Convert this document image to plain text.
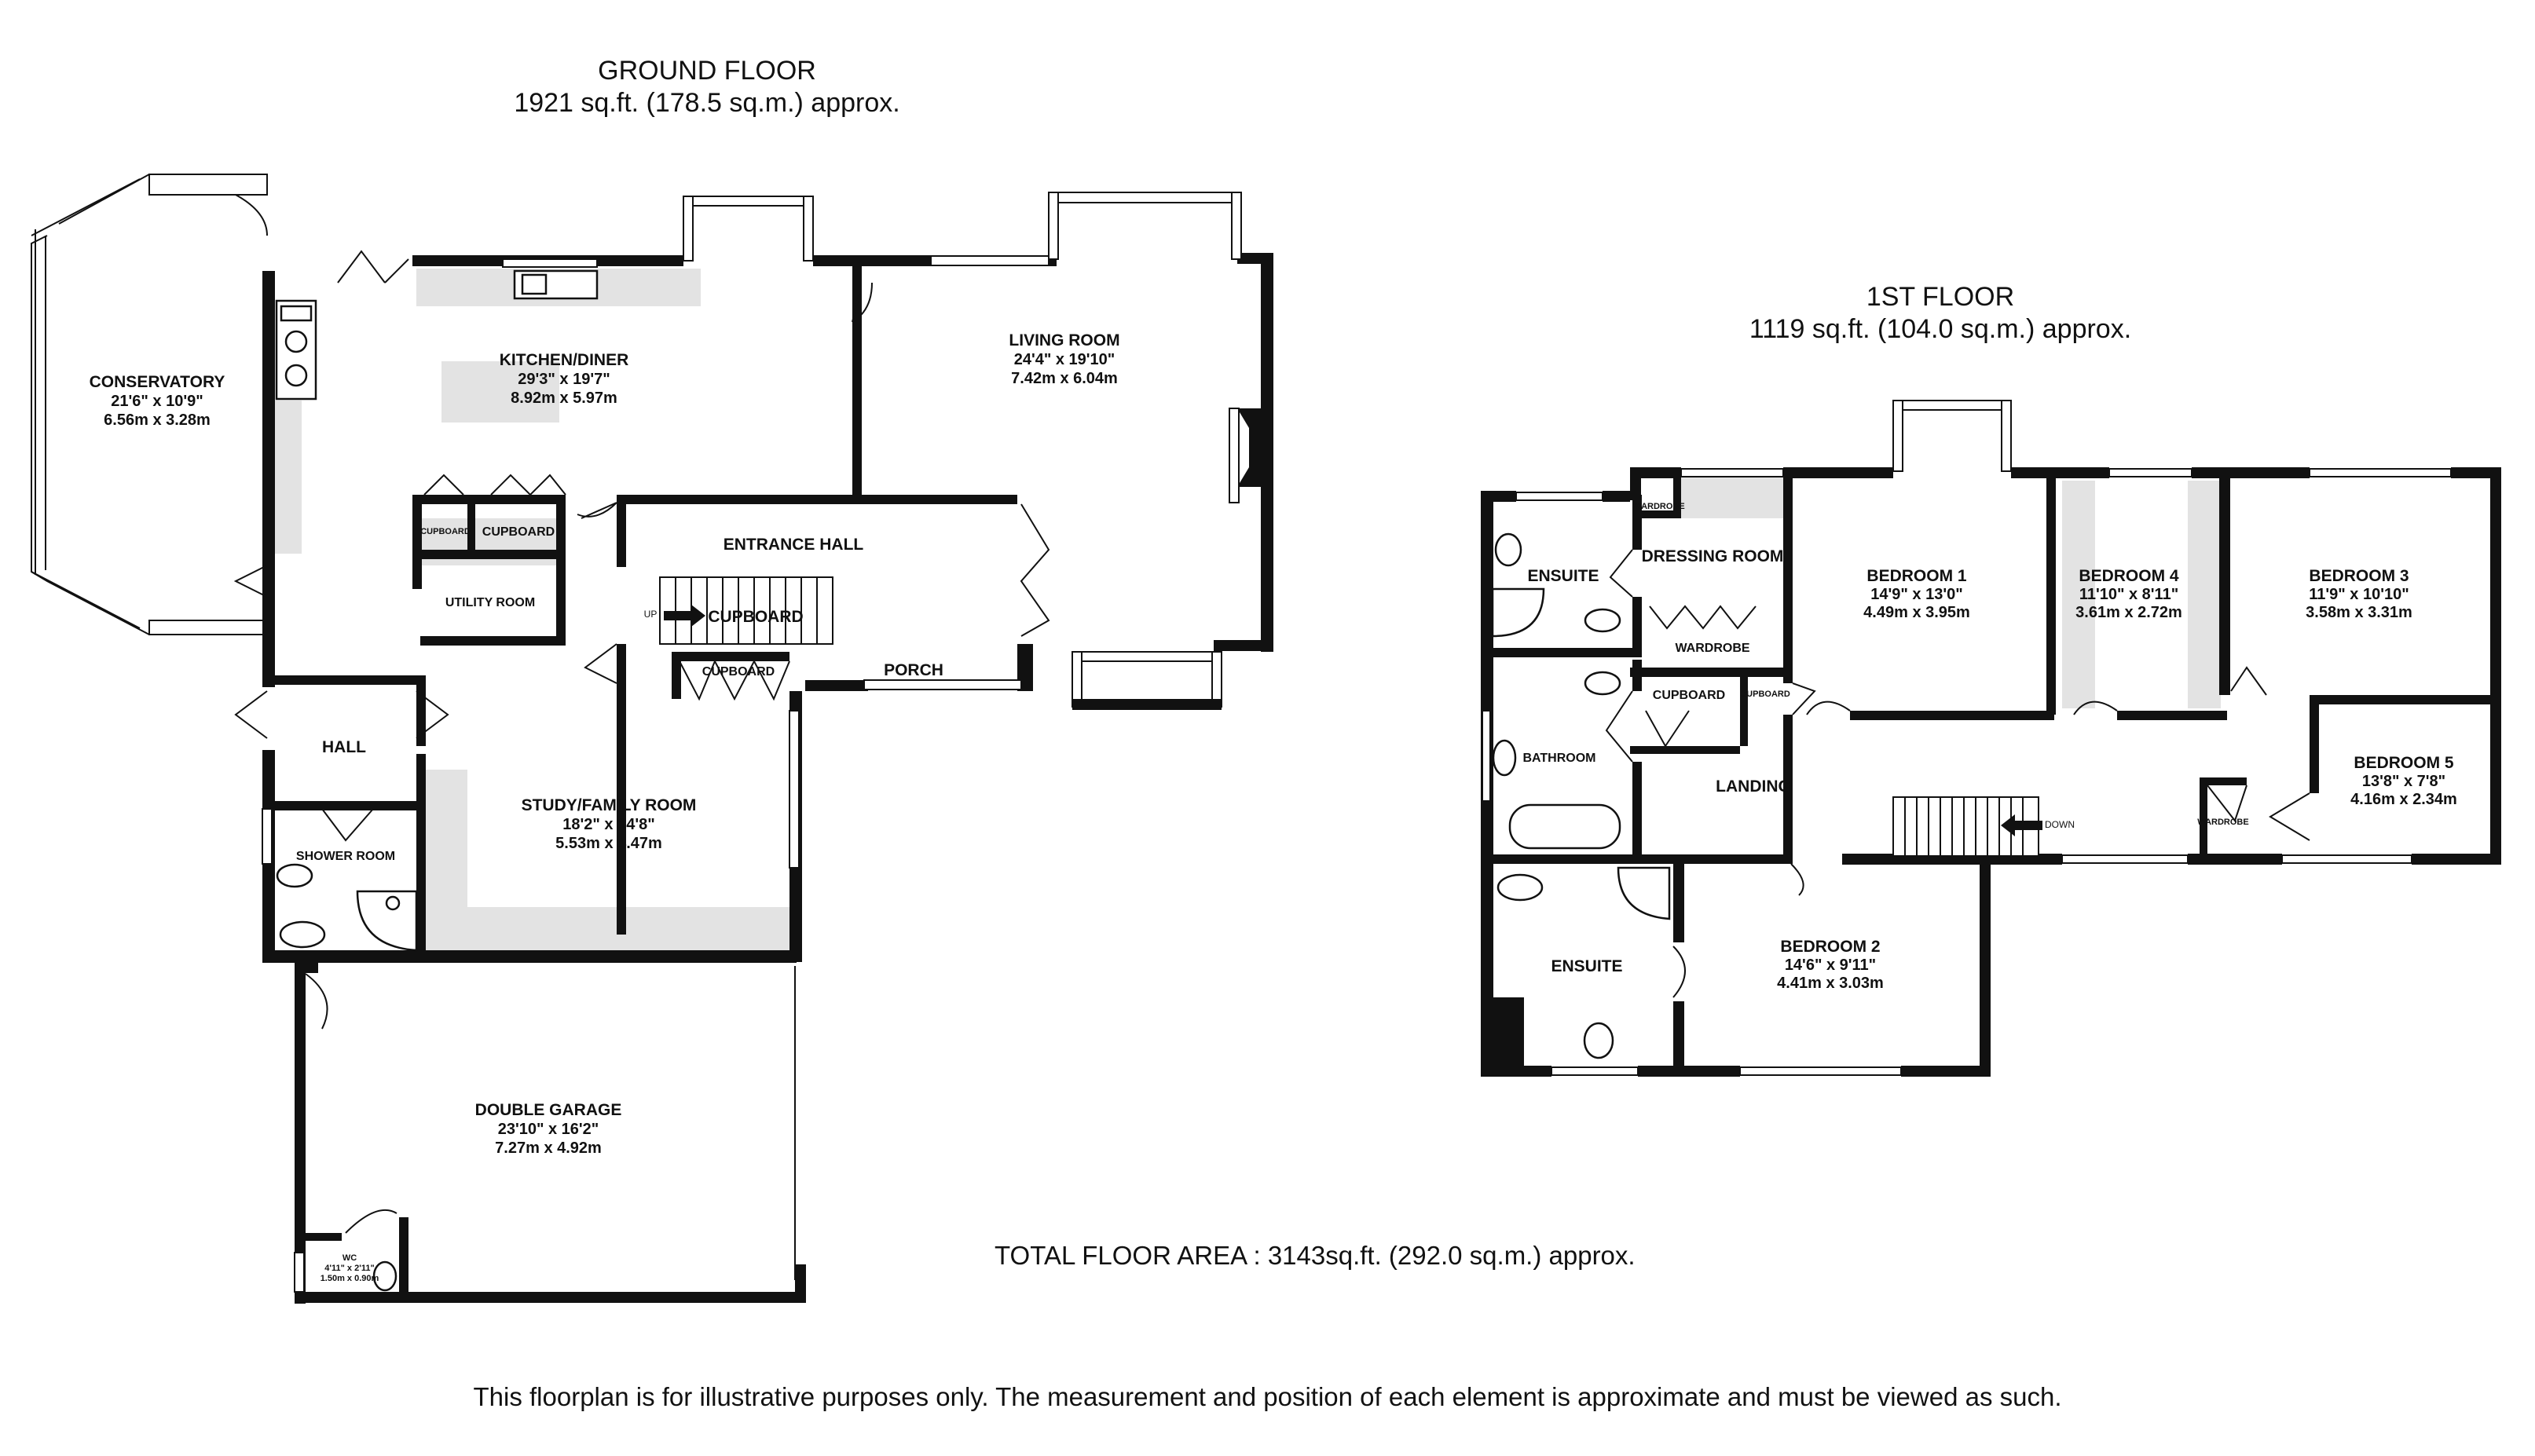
GROUND FLOOR
1921 sq.ft. (178.5 sq.m.) approx.
1ST FLOOR
1119 sq.ft. (104.0 sq.m.) approx.
CONSERVATORY
21'6" x 10'9"
6.56m x 3.28m
KITCHEN/DINER
29'3" x 19'7"
8.92m x 5.97m
LIVING ROOM
24'4" x 19'10"
7.42m x 6.04m
ENTRANCE HALL
CUPBOARD
CUPBOARD
UTILITY ROOM
CUPBOARD
UP
CUPBOARD	PORCH
HALL
STUDY/FAMILY ROOM
18'2" x 14'8"
5.53m x 4.47m
SHOWER ROOM
DOUBLE GARAGE
23'10" x 16'2"
7.27m x 4.92m
WC
4'11" x 2'11"
1.50m x 0.90m
ENSUITE
WARDROBE
DRESSING ROOM
WARDROBE
BEDROOM 1
14'9" x 13'0"
4.49m x 3.95m
BEDROOM 4
11'10" x 8'11"
3.61m x 2.72m
BEDROOM 3
11'9" x 10'10"
3.58m x 3.31m
BATHROOM
CUPBOARD CUPBOARD
LANDING
DOWN
BEDROOM 5
13'8" x 7'8"
4.16m x 2.34m
WARDROBE
ENSUITE
BEDROOM 2
14'6" x 9'11"
4.41m x 3.03m
TOTAL FLOOR AREA : 3143sq.ft. (292.0 sq.m.) approx.
This floorplan is for illustrative purposes only. The measurement and position of each element is approximate and must be viewed as such.
